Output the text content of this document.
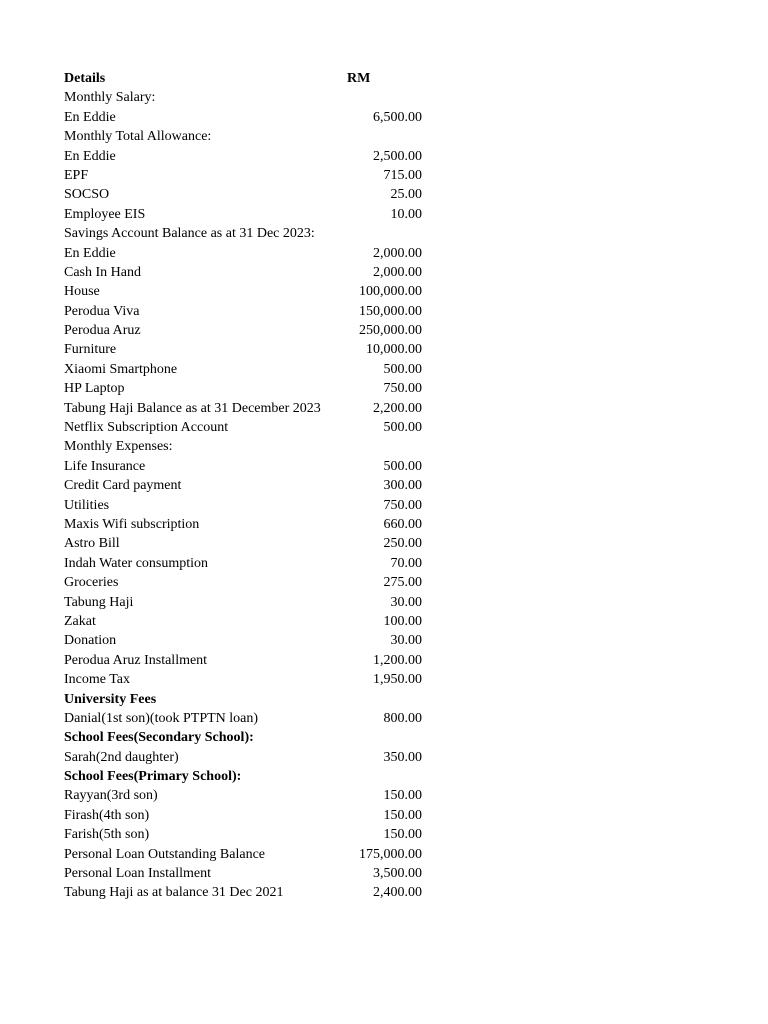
Details	RM
Monthly Salary:
En Eddie	6,500.00
Monthly Total Allowance:
En Eddie	2,500.00
EPF	715.00
SOCSO	25.00
Employee EIS	10.00
Savings Account Balance as at 31 Dec 2023:
En Eddie	2,000.00
Cash In Hand	2,000.00
House	100,000.00
Perodua Viva	150,000.00
Perodua Aruz	250,000.00
Furniture	10,000.00
Xiaomi Smartphone	500.00
HP Laptop	750.00
Tabung Haji Balance as at 31 December 2023	2,200.00
Netflix Subscription Account	500.00
Monthly Expenses:
Life Insurance	500.00
Credit Card payment	300.00
Utilities	750.00
Maxis Wifi subscription	660.00
Astro Bill	250.00
Indah Water consumption	70.00
Groceries	275.00
Tabung Haji	30.00
Zakat	100.00
Donation	30.00
Perodua Aruz Installment	1,200.00
Income Tax	1,950.00
University Fees
Danial(1st son)(took PTPTN loan)	800.00
School Fees(Secondary School):
Sarah(2nd daughter)	350.00
School Fees(Primary School):
Rayyan(3rd son)	150.00
Firash(4th son)	150.00
Farish(5th son)	150.00
Personal Loan Outstanding Balance	175,000.00
Personal Loan Installment	3,500.00
Tabung Haji as at balance 31 Dec 2021	2,400.00
